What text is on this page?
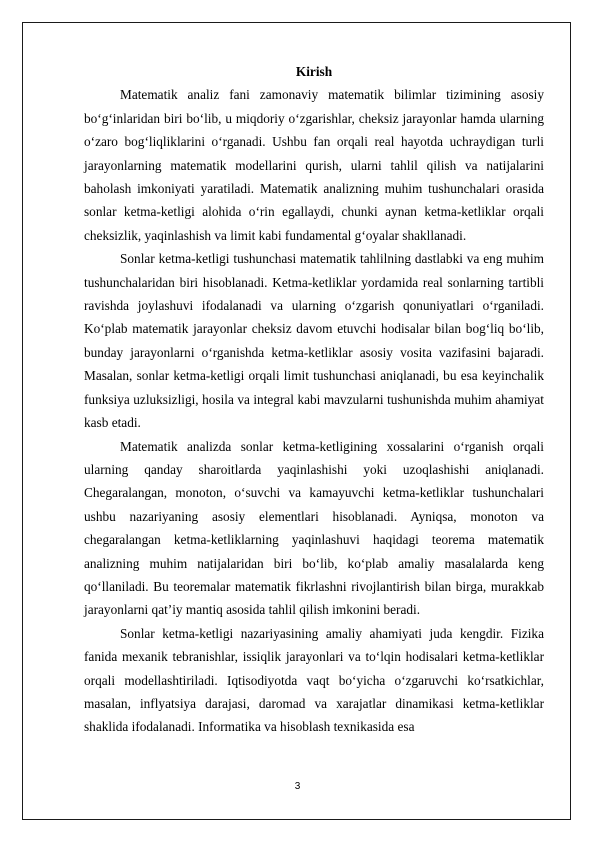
Kirish

Matematik analiz fani zamonaviy matematik bilimlar tizimining asosiy bo‘g‘inlaridan biri bo‘lib, u miqdoriy o‘zgarishlar, cheksiz jarayonlar hamda ularning o‘zaro bog‘liqliklarini o‘rganadi. Ushbu fan orqali real hayotda uchraydigan turli jarayonlarning matematik modellarini qurish, ularni tahlil qilish va natijalarini baholash imkoniyati yaratiladi. Matematik analizning muhim tushunchalari orasida sonlar ketma-ketligi alohida o‘rin egallaydi, chunki aynan ketma-ketliklar orqali cheksizlik, yaqinlashish va limit kabi fundamental g‘oyalar shakllanadi.

Sonlar ketma-ketligi tushunchasi matematik tahlilning dastlabki va eng muhim tushunchalaridan biri hisoblanadi. Ketma-ketliklar yordamida real sonlarning tartibli ravishda joylashuvi ifodalanadi va ularning o‘zgarish qonuniyatlari o‘rganiladi. Ko‘plab matematik jarayonlar cheksiz davom etuvchi hodisalar bilan bog‘liq bo‘lib, bunday jarayonlarni o‘rganishda ketma-ketliklar asosiy vosita vazifasini bajaradi. Masalan, sonlar ketma-ketligi orqali limit tushunchasi aniqlanadi, bu esa keyinchalik funksiya uzluksizligi, hosila va integral kabi mavzularni tushunishda muhim ahamiyat kasb etadi.

Matematik analizda sonlar ketma-ketligining xossalarini o‘rganish orqali ularning qanday sharoitlarda yaqinlashishi yoki uzoqlashishi aniqlanadi. Chegaralangan, monoton, o‘suvchi va kamayuvchi ketma-ketliklar tushunchalari ushbu nazariyaning asosiy elementlari hisoblanadi. Ayniqsa, monoton va chegaralangan ketma-ketliklarning yaqinlashuvi haqidagi teorema matematik analizning muhim natijalaridan biri bo‘lib, ko‘plab amaliy masalalarda keng qo‘llaniladi. Bu teoremalar matematik fikrlashni rivojlantirish bilan birga, murakkab jarayonlarni qat’iy mantiq asosida tahlil qilish imkonini beradi.

Sonlar ketma-ketligi nazariyasining amaliy ahamiyati juda kengdir. Fizika fanida mexanik tebranishlar, issiqlik jarayonlari va to‘lqin hodisalari ketma-ketliklar orqali modellashtiriladi. Iqtisodiyotda vaqt bo‘yicha o‘zgaruvchi ko‘rsatkichlar, masalan, inflyatsiya darajasi, daromad va xarajatlar dinamikasi ketma-ketliklar shaklida ifodalanadi. Informatika va hisoblash texnikasida esa

3
